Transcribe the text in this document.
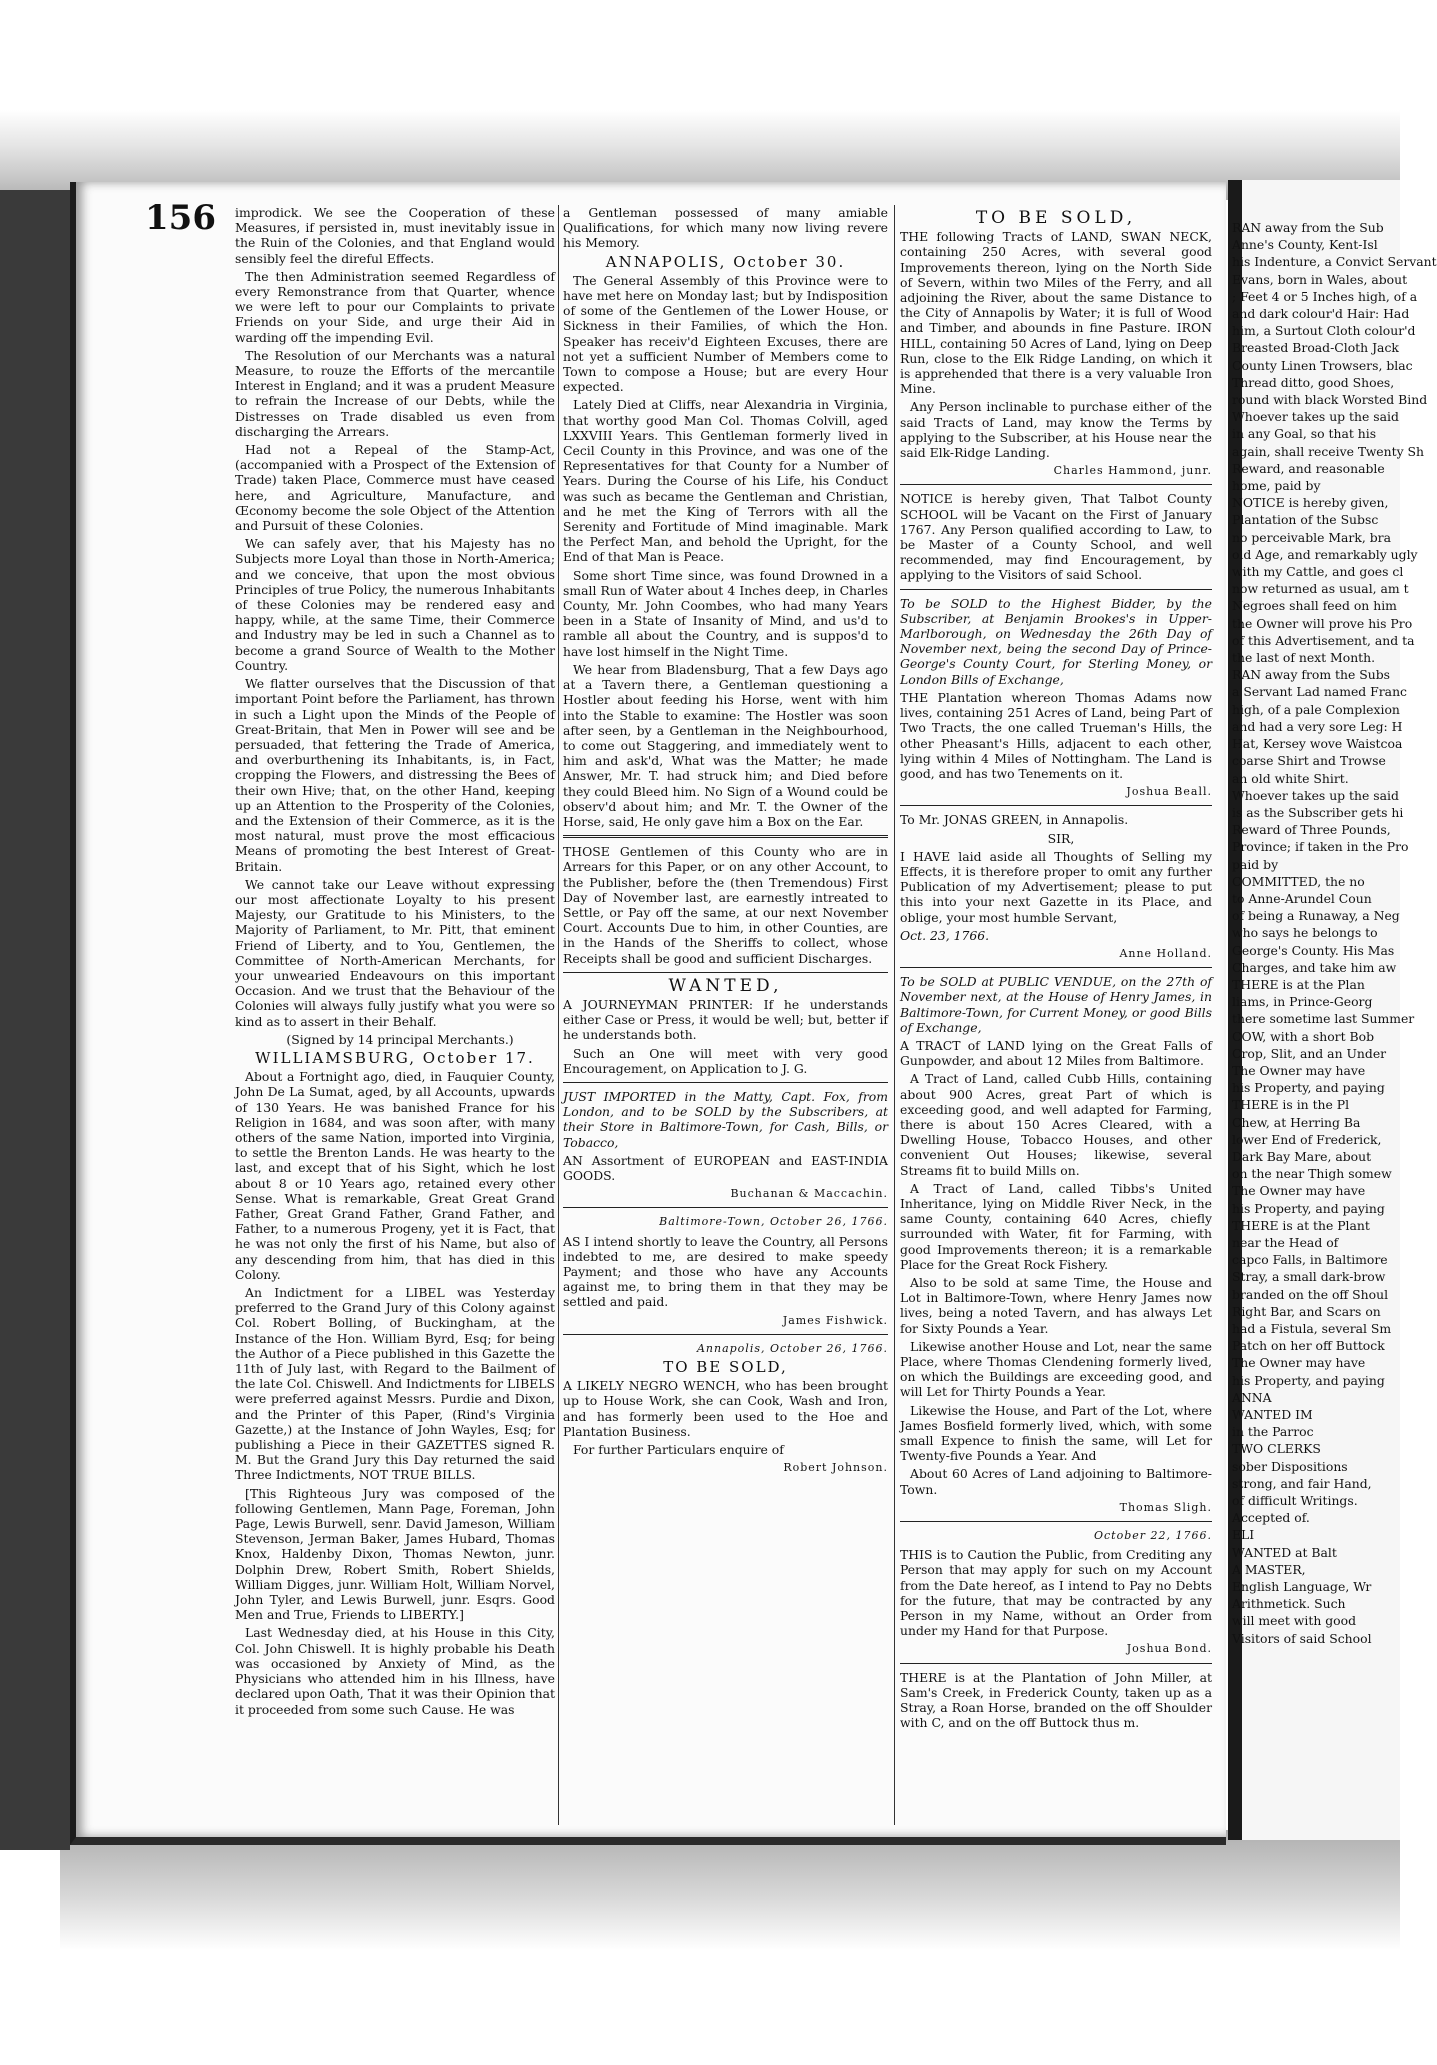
156 improdick. We see the Cooperation of these Measures, if persisted in, must inevitably issue in the Ruin of the Colonies, and that England would sensibly feel the direful Effects.

The then Administration seemed Regardless of every Remonstrance from that Quarter, whence we were left to pour our Complaints to private Friends on your Side, and urge their Aid in warding off the impending Evil.

The Resolution of our Merchants was a natural Measure, to rouze the Efforts of the mercantile Interest in England; and it was a prudent Measure to refrain the Increase of our Debts, while the Distresses on Trade disabled us even from discharging the Arrears.

Had not a Repeal of the Stamp-Act, (accompanied with a Prospect of the Extension of Trade) taken Place, Commerce must have ceased here, and Agriculture, Manufacture, and Œconomy become the sole Object of the Attention and Pursuit of these Colonies.

We can safely aver, that his Majesty has no Subjects more Loyal than those in North-America; and we conceive, that upon the most obvious Principles of true Policy, the numerous Inhabitants of these Colonies may be rendered easy and happy, while, at the same Time, their Commerce and Industry may be led in such a Channel as to become a grand Source of Wealth to the Mother Country.

We flatter ourselves that the Discussion of that important Point before the Parliament, has thrown in such a Light upon the Minds of the People of Great-Britain, that Men in Power will see and be persuaded, that fettering the Trade of America, and overburthening its Inhabitants, is, in Fact, cropping the Flowers, and distressing the Bees of their own Hive; that, on the other Hand, keeping up an Attention to the Prosperity of the Colonies, and the Extension of their Commerce, as it is the most natural, must prove the most efficacious Means of promoting the best Interest of Great-Britain.

We cannot take our Leave without expressing our most affectionate Loyalty to his present Majesty, our Gratitude to his Ministers, to the Majority of Parliament, to Mr. Pitt, that eminent Friend of Liberty, and to You, Gentlemen, the Committee of North-American Merchants, for your unwearied Endeavours on this important Occasion. And we trust that the Behaviour of the Colonies will always fully justify what you were so kind as to assert in their Behalf.

(Signed by 14 principal Merchants.)

WILLIAMSBURG, October 17.

About a Fortnight ago, died, in Fauquier County, John De La Sumat, aged, by all Accounts, upwards of 130 Years. He was banished France for his Religion in 1684, and was soon after, with many others of the same Nation, imported into Virginia, to settle the Brenton Lands. He was hearty to the last, and except that of his Sight, which he lost about 8 or 10 Years ago, retained every other Sense. What is remarkable, Great Great Grand Father, Great Grand Father, Grand Father, and Father, to a numerous Progeny, yet it is Fact, that he was not only the first of his Name, but also of any descending from him, that has died in this Colony.

An Indictment for a LIBEL was Yesterday preferred to the Grand Jury of this Colony against Col. Robert Bolling, of Buckingham, at the Instance of the Hon. William Byrd, Esq; for being the Author of a Piece published in this Gazette the 11th of July last, with Regard to the Bailment of the late Col. Chiswell. And Indictments for LIBELS were preferred against Messrs. Purdie and Dixon, and the Printer of this Paper, (Rind's Virginia Gazette,) at the Instance of John Wayles, Esq; for publishing a Piece in their GAZETTES signed R. M. But the Grand Jury this Day returned the said Three Indictments, NOT TRUE BILLS.

[This Righteous Jury was composed of the following Gentlemen, Mann Page, Foreman, John Page, Lewis Burwell, senr. David Jameson, William Stevenson, Jerman Baker, James Hubard, Thomas Knox, Haldenby Dixon, Thomas Newton, junr. Dolphin Drew, Robert Smith, Robert Shields, William Digges, junr. William Holt, William Norvel, John Tyler, and Lewis Burwell, junr. Esqrs. Good Men and True, Friends to LIBERTY.]

Last Wednesday died, at his House in this City, Col. John Chiswell. It is highly probable his Death was occasioned by Anxiety of Mind, as the Physicians who attended him in his Illness, have declared upon Oath, That it was their Opinion that it proceeded from some such Cause. He was

a Gentleman possessed of many amiable Qualifications, for which many now living revere his Memory.

ANNAPOLIS, October 30.

The General Assembly of this Province were to have met here on Monday last; but by Indisposition of some of the Gentlemen of the Lower House, or Sickness in their Families, of which the Hon. Speaker has receiv'd Eighteen Excuses, there are not yet a sufficient Number of Members come to Town to compose a House; but are every Hour expected.

Lately Died at Cliffs, near Alexandria in Virginia, that worthy good Man Col. Thomas Colvill, aged LXXVIII Years. This Gentleman formerly lived in Cecil County in this Province, and was one of the Representatives for that County for a Number of Years. During the Course of his Life, his Conduct was such as became the Gentleman and Christian, and he met the King of Terrors with all the Serenity and Fortitude of Mind imaginable. Mark the Perfect Man, and behold the Upright, for the End of that Man is Peace.

Some short Time since, was found Drowned in a small Run of Water about 4 Inches deep, in Charles County, Mr. John Coombes, who had many Years been in a State of Insanity of Mind, and us'd to ramble all about the Country, and is suppos'd to have lost himself in the Night Time.

We hear from Bladensburg, That a few Days ago at a Tavern there, a Gentleman questioning a Hostler about feeding his Horse, went with him into the Stable to examine: The Hostler was soon after seen, by a Gentleman in the Neighbourhood, to come out Staggering, and immediately went to him and ask'd, What was the Matter; he made Answer, Mr. T. had struck him; and Died before they could Bleed him. No Sign of a Wound could be observ'd about him; and Mr. T. the Owner of the Horse, said, He only gave him a Box on the Ear.

THOSE Gentlemen of this County who are in Arrears for this Paper, or on any other Account, to the Publisher, before the (then Tremendous) First Day of November last, are earnestly intreated to Settle, or Pay off the same, at our next November Court. Accounts Due to him, in other Counties, are in the Hands of the Sheriffs to collect, whose Receipts shall be good and sufficient Discharges.

WANTED,

A JOURNEYMAN PRINTER: If he understands either Case or Press, it would be well; but, better if he understands both.

Such an One will meet with very good Encouragement, on Application to J. G.

JUST IMPORTED in the Matty, Capt. Fox, from London, and to be SOLD by the Subscribers, at their Store in Baltimore-Town, for Cash, Bills, or Tobacco,

AN Assortment of EUROPEAN and EAST-INDIA GOODS.

Buchanan & Maccachin.
Baltimore-Town, October 26, 1766.

AS I intend shortly to leave the Country, all Persons indebted to me, are desired to make speedy Payment; and those who have any Accounts against me, to bring them in that they may be settled and paid.

James Fishwick.
Annapolis, October 26, 1766.
TO BE SOLD,

A LIKELY NEGRO WENCH, who has been brought up to House Work, she can Cook, Wash and Iron, and has formerly been used to the Hoe and Plantation Business.

For further Particulars enquire of

Robert Johnson.
TO BE SOLD,

THE following Tracts of LAND, SWAN NECK, containing 250 Acres, with several good Improvements thereon, lying on the North Side of Severn, within two Miles of the Ferry, and all adjoining the River, about the same Distance to the City of Annapolis by Water; it is full of Wood and Timber, and abounds in fine Pasture. IRON HILL, containing 50 Acres of Land, lying on Deep Run, close to the Elk Ridge Landing, on which it is apprehended that there is a very valuable Iron Mine.

Any Person inclinable to purchase either of the said Tracts of Land, may know the Terms by applying to the Subscriber, at his House near the said Elk-Ridge Landing.

Charles Hammond, junr.

NOTICE is hereby given, That Talbot County SCHOOL will be Vacant on the First of January 1767. Any Person qualified according to Law, to be Master of a County School, and well recommended, may find Encouragement, by applying to the Visitors of said School.

To be SOLD to the Highest Bidder, by the Subscriber, at Benjamin Brookes's in Upper-Marlborough, on Wednesday the 26th Day of November next, being the second Day of Prince-George's County Court, for Sterling Money, or London Bills of Exchange,

THE Plantation whereon Thomas Adams now lives, containing 251 Acres of Land, being Part of Two Tracts, the one called Trueman's Hills, the other Pheasant's Hills, adjacent to each other, lying within 4 Miles of Nottingham. The Land is good, and has two Tenements on it.

Joshua Beall.

To Mr. JONAS GREEN, in Annapolis.

SIR,

I HAVE laid aside all Thoughts of Selling my Effects, it is therefore proper to omit any further Publication of my Advertisement; please to put this into your next Gazette in its Place, and oblige, your most humble Servant,

Oct. 23, 1766.

Anne Holland.

To be SOLD at PUBLIC VENDUE, on the 27th of November next, at the House of Henry James, in Baltimore-Town, for Current Money, or good Bills of Exchange,

A TRACT of LAND lying on the Great Falls of Gunpowder, and about 12 Miles from Baltimore.

A Tract of Land, called Cubb Hills, containing about 900 Acres, great Part of which is exceeding good, and well adapted for Farming, there is about 150 Acres Cleared, with a Dwelling House, Tobacco Houses, and other convenient Out Houses; likewise, several Streams fit to build Mills on.

A Tract of Land, called Tibbs's United Inheritance, lying on Middle River Neck, in the same County, containing 640 Acres, chiefly surrounded with Water, fit for Farming, with good Improvements thereon; it is a remarkable Place for the Great Rock Fishery.

Also to be sold at same Time, the House and Lot in Baltimore-Town, where Henry James now lives, being a noted Tavern, and has always Let for Sixty Pounds a Year.

Likewise another House and Lot, near the same Place, where Thomas Clendening formerly lived, on which the Buildings are exceeding good, and will Let for Thirty Pounds a Year.

Likewise the House, and Part of the Lot, where James Bosfield formerly lived, which, with some small Expence to finish the same, will Let for Twenty-five Pounds a Year. And

About 60 Acres of Land adjoining to Baltimore-Town.

Thomas Sligh.
October 22, 1766.

THIS is to Caution the Public, from Crediting any Person that may apply for such on my Account from the Date hereof, as I intend to Pay no Debts for the future, that may be contracted by any Person in my Name, without an Order from under my Hand for that Purpose.

Joshua Bond.

THERE is at the Plantation of John Miller, at Sam's Creek, in Frederick County, taken up as a Stray, a Roan Horse, branded on the off Shoulder with C, and on the off Buttock thus m.

RAN away from the Sub

Anne's County, Kent-Isl

his Indenture, a Convict Servant

Evans, born in Wales, about

; Feet 4 or 5 Inches high, of a

and dark colour'd Hair: Had

him, a Surtout Cloth colour'd

Breasted Broad-Cloth Jack

County Linen Trowsers, blac

Thread ditto, good Shoes,

round with black Worsted Bind

Whoever takes up the said

in any Goal, so that his

again, shall receive Twenty Sh

Reward, and reasonable

home, paid by

NOTICE is hereby given,

Plantation of the Subsc

no perceivable Mark, bra

old Age, and remarkably ugly

with my Cattle, and goes cl

now returned as usual, am t

Negroes shall feed on him

the Owner will prove his Pro

of this Advertisement, and ta

the last of next Month.

RAN away from the Subs

a Servant Lad named Franc

high, of a pale Complexion

and had a very sore Leg: H

Hat, Kersey wove Waistcoa

coarse Shirt and Trowse

an old white Shirt.

Whoever takes up the said

is as the Subscriber gets hi

Reward of Three Pounds,

Province; if taken in the Pro

paid by

COMMITTED, the no

to Anne-Arundel Coun

of being a Runaway, a Neg

who says he belongs to

George's County. His Mas

Charges, and take him aw

THERE is at the Plan

liams, in Prince-Georg

there sometime last Summer

COW, with a short Bob

Crop, Slit, and an Under

The Owner may have

his Property, and paying

THERE is in the Pl

Chew, at Herring Ba

lower End of Frederick,

Dark Bay Mare, about

on the near Thigh somew

The Owner may have

his Property, and paying

THERE is at the Plant

near the Head of

capco Falls, in Baltimore

Stray, a small dark-brow

branded on the off Shoul

Right Bar, and Scars on

had a Fistula, several Sm

Patch on her off Buttock

The Owner may have

his Property, and paying

ANNA

WANTED IM

in the Parroc

TWO CLERKS

sober Dispositions

strong, and fair Hand,

of difficult Writings.

Accepted of.

ELI

WANTED at Balt

A MASTER,

English Language, Wr

Arithmetick. Such

will meet with good

Visitors of said School
